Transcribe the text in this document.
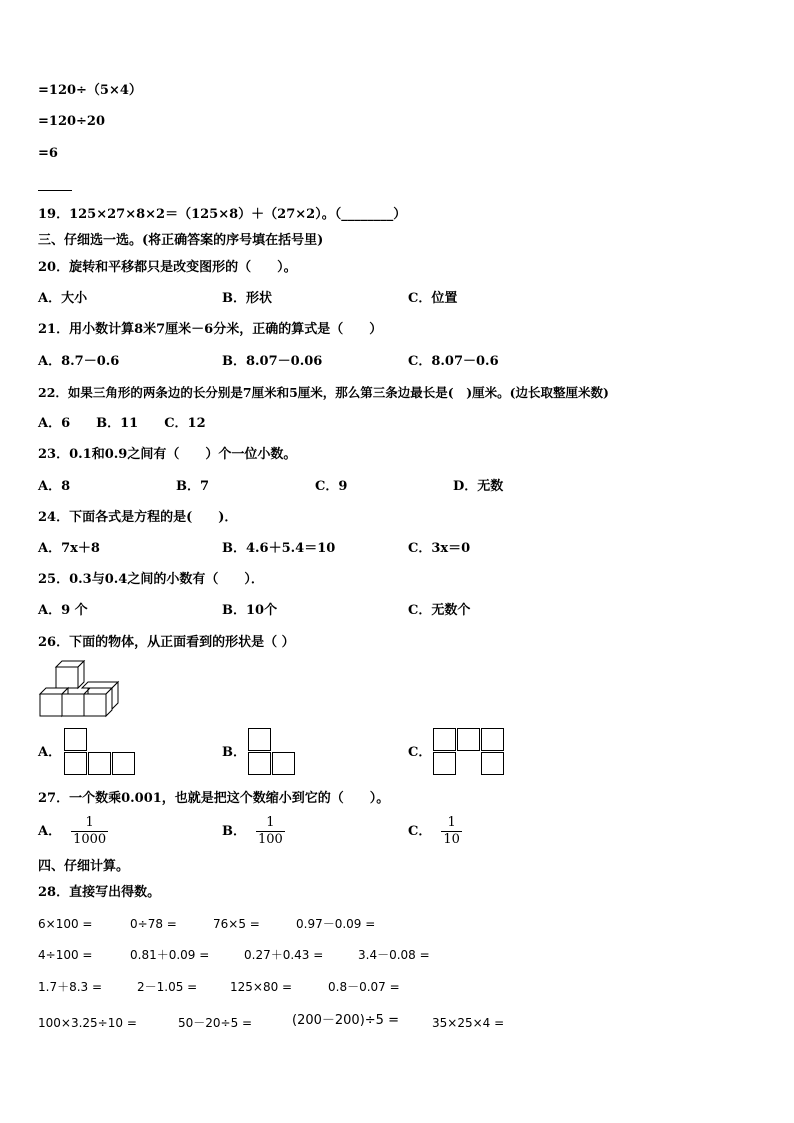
=120÷（5×4）
=120÷20
=6
19．125×27×8×2＝（125×8）＋（27×2）。（________）
三、仔细选一选。(将正确答案的序号填在括号里)
20．旋转和平移都只是改变图形的（　　）。
A．大小	B．形状	C．位置
21．用小数计算8米7厘米－6分米，正确的算式是（　　）
A．8.7－0.6	B．8.07－0.06	C．8.07－0.6
22．如果三角形的两条边的长分别是7厘米和5厘米，那么第三条边最长是(　)厘米。(边长取整厘米数)
A．6　　B．11　　C．12
23．0.1和0.9之间有（　　）个一位小数。
A．8	B．7	C．9	D．无数
24．下面各式是方程的是(　　)．
A．7x＋8	B．4.6＋5.4＝10	C．3x＝0
25．0.3与0.4之间的小数有（　　）．
A．9 个	B．10个	C．无数个
26．下面的物体，从正面看到的形状是（ ）
A．	B．	C．
27．一个数乘0.001，也就是把这个数缩小到它的（　　）。
A． $\frac{1}{1000}$	B． $\frac{1}{100}$	C． $\frac{1}{10}$
四、仔细计算。
28．直接写出得数。
6×100 =	0÷78 =	76×5 =	0.97－0.09 =
4÷100 =	0.81＋0.09 =	0.27＋0.43 =	3.4－0.08 =
1.7＋8.3 =	2－1.05 =	125×80 =	0.8－0.07 =
100×3.25÷10 =	50－20÷5 =	(200－200)÷5 =	35×25×4 =
